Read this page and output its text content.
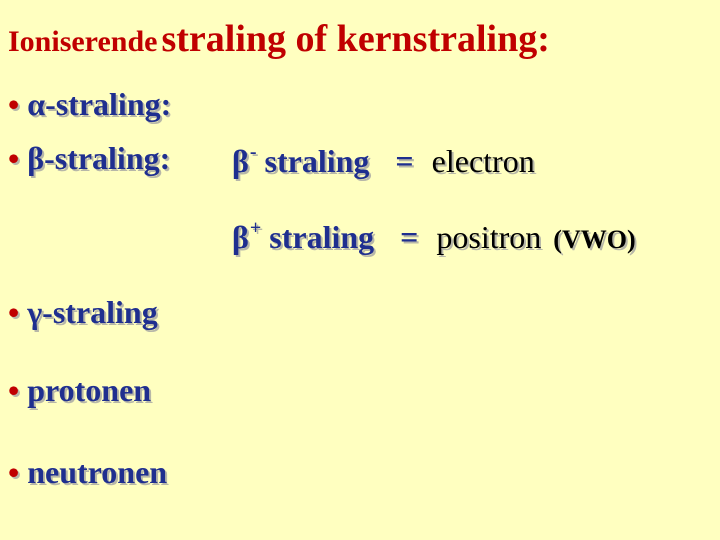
Ioniserende straling of kernstraling:
• α-straling:
• β-straling: β- straling = electron
β+ straling = positron (VWO)
• γ-straling
• protonen
• neutronen
